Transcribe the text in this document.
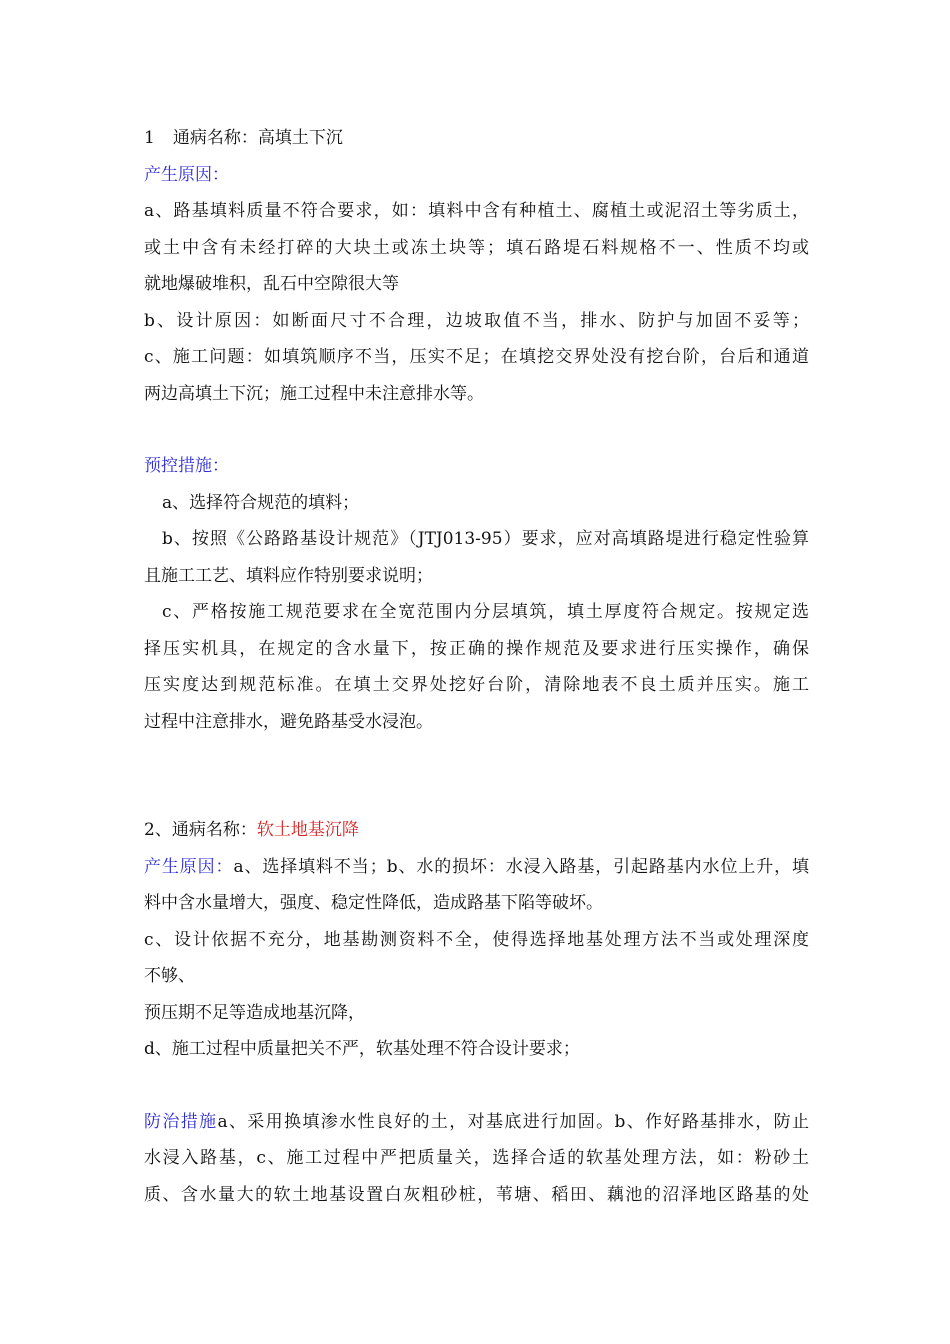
1 通病名称：高填土下沉
产生原因：
a、路基填料质量不符合要求，如：填料中含有种植土、腐植土或泥沼土等劣质土，
或土中含有未经打碎的大块土或冻土块等；填石路堤石料规格不一、性质不均或
就地爆破堆积，乱石中空隙很大等
b、设计原因：如断面尺寸不合理，边坡取值不当，排水、防护与加固不妥等；
c、施工问题：如填筑顺序不当，压实不足；在填挖交界处没有挖台阶，台后和通道
两边高填土下沉；施工过程中未注意排水等。
预控措施：
a、选择符合规范的填料；
b、按照《公路路基设计规范》（JTJ013-95）要求，应对高填路堤进行稳定性验算
且施工工艺、填料应作特别要求说明；
c、严格按施工规范要求在全宽范围内分层填筑，填土厚度符合规定。按规定选
择压实机具，在规定的含水量下，按正确的操作规范及要求进行压实操作，确保
压实度达到规范标准。在填土交界处挖好台阶，清除地表不良土质并压实。施工
过程中注意排水，避免路基受水浸泡。
2、通病名称：软土地基沉降
产生原因：a、选择填料不当；b、水的损坏：水浸入路基，引起路基内水位上升，填
料中含水量增大，强度、稳定性降低，造成路基下陷等破坏。
c、设计依据不充分，地基勘测资料不全，使得选择地基处理方法不当或处理深度
不够、
预压期不足等造成地基沉降，
d、施工过程中质量把关不严，软基处理不符合设计要求；
防治措施a、采用换填渗水性良好的土，对基底进行加固。b、作好路基排水，防止
水浸入路基，c、施工过程中严把质量关，选择合适的软基处理方法，如：粉砂土
质、含水量大的软土地基设置白灰粗砂桩，苇塘、稻田、藕池的沼泽地区路基的处
